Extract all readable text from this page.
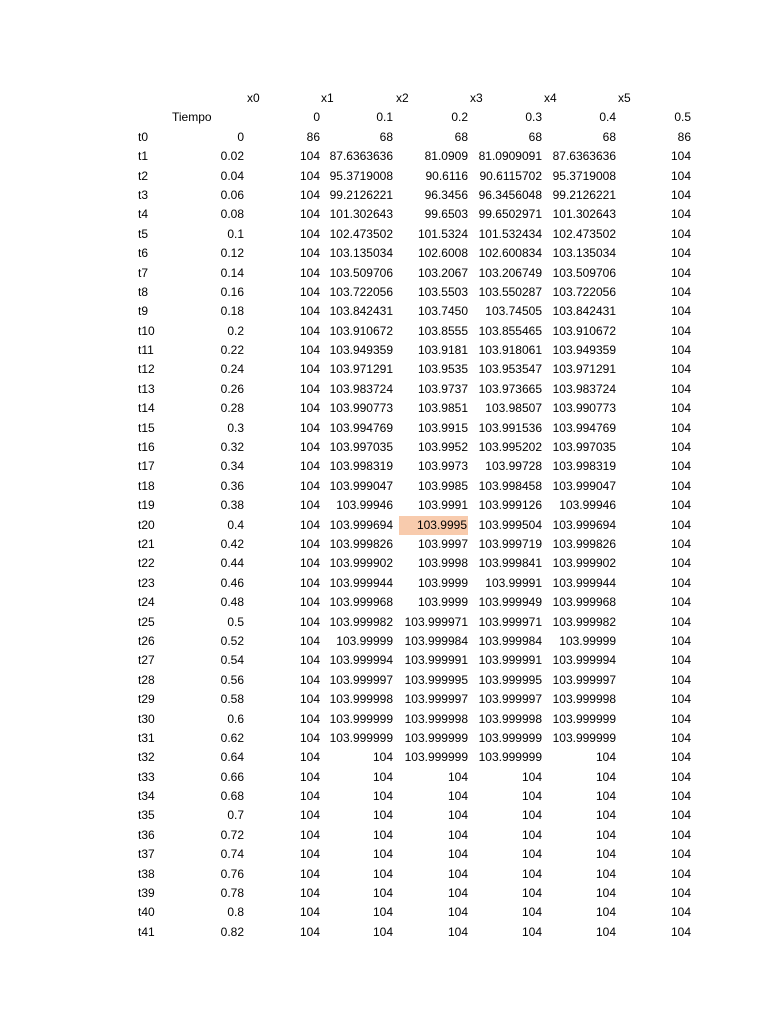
x0	x1	x2	x3	x4	x5
Tiempo	0	0.1	0.2	0.3	0.4	0.5
t0	0	86	68	68	68	68	86
t1	0.02	104 87.6363636	81.0909 81.0909091 87.6363636	104
t2	0.04	104 95.3719008	90.6116 90.6115702 95.3719008	104
t3	0.06	104 99.2126221	96.3456 96.3456048 99.2126221	104
t4	0.08	104 101.302643	99.6503 99.6502971 101.302643	104
t5	0.1	104 102.473502 101.5324 101.532434 102.473502	104
t6	0.12	104 103.135034 102.6008 102.600834 103.135034	104
t7	0.14	104 103.509706 103.2067 103.206749 103.509706	104
t8	0.16	104 103.722056 103.5503 103.550287 103.722056	104
t9	0.18	104 103.842431 103.7450 103.74505 103.842431	104
t10	0.2	104 103.910672 103.8555 103.855465 103.910672	104
t11	0.22	104 103.949359 103.9181 103.918061 103.949359	104
t12	0.24	104 103.971291 103.9535 103.953547 103.971291	104
t13	0.26	104 103.983724 103.9737 103.973665 103.983724	104
t14	0.28	104 103.990773 103.9851 103.98507 103.990773	104
t15	0.3	104 103.994769 103.9915 103.991536 103.994769	104
t16	0.32	104 103.997035 103.9952 103.995202 103.997035	104
t17	0.34	104 103.998319 103.9973 103.99728 103.998319	104
t18	0.36	104 103.999047 103.9985 103.998458 103.999047	104
t19	0.38	104 103.99946 103.9991 103.999126 103.99946	104
t20	0.4	104 103.999694	103.9995 103.999504 103.999694	104
t21	0.42	104 103.999826 103.9997 103.999719 103.999826	104
t22	0.44	104 103.999902 103.9998 103.999841 103.999902	104
t23	0.46	104 103.999944 103.9999 103.99991 103.999944	104
t24	0.48	104 103.999968 103.9999 103.999949 103.999968	104
t25	0.5	104 103.999982 103.999971 103.999971 103.999982	104
t26	0.52	104 103.99999 103.999984 103.999984 103.99999	104
t27	0.54	104 103.999994 103.999991 103.999991 103.999994	104
t28	0.56	104 103.999997 103.999995 103.999995 103.999997	104
t29	0.58	104 103.999998 103.999997 103.999997 103.999998	104
t30	0.6	104 103.999999 103.999998 103.999998 103.999999	104
t31	0.62	104 103.999999 103.999999 103.999999 103.999999	104
t32	0.64	104	104 103.999999 103.999999	104	104
t33	0.66	104	104	104	104	104	104
t34	0.68	104	104	104	104	104	104
t35	0.7	104	104	104	104	104	104
t36	0.72	104	104	104	104	104	104
t37	0.74	104	104	104	104	104	104
t38	0.76	104	104	104	104	104	104
t39	0.78	104	104	104	104	104	104
t40	0.8	104	104	104	104	104	104
t41	0.82	104	104	104	104	104	104
